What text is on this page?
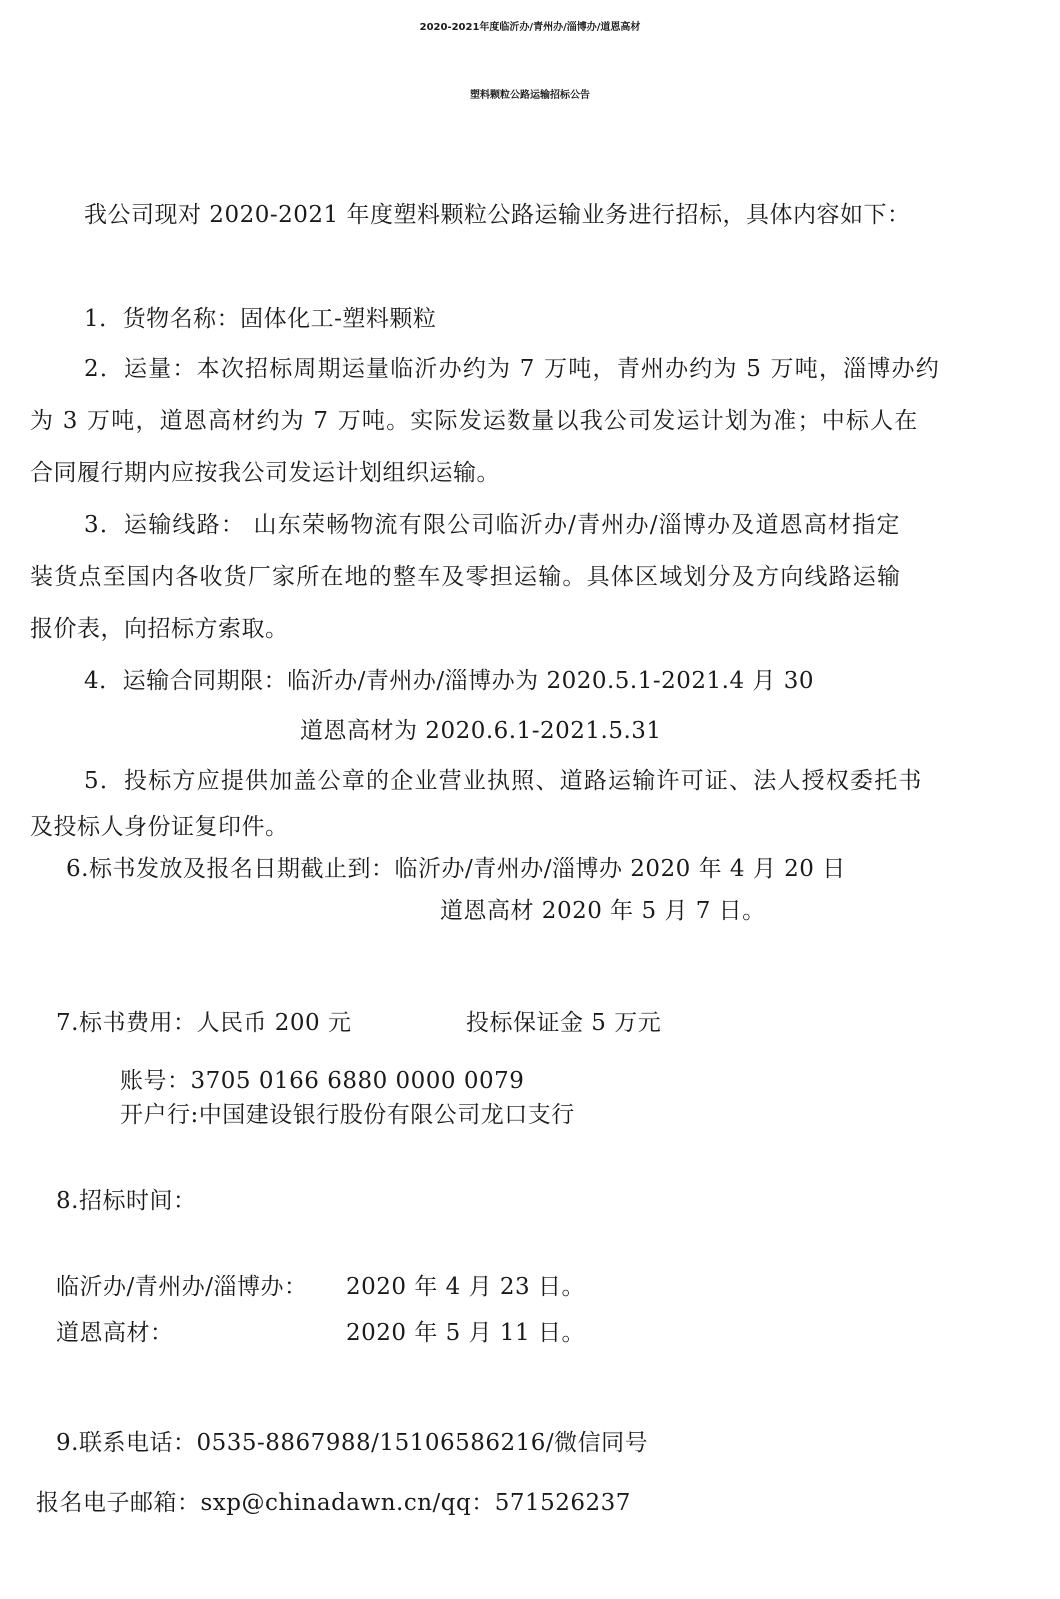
2020-2021年度临沂办/青州办/淄博办/道恩高材
塑料颗粒公路运输招标公告
我公司现对 2020-2021 年度塑料颗粒公路运输业务进行招标，具体内容如下：
1．货物名称：固体化工-塑料颗粒
2．运量：本次招标周期运量临沂办约为 7 万吨，青州办约为 5 万吨，淄博办约
为 3 万吨，道恩高材约为 7 万吨。实际发运数量以我公司发运计划为准；中标人在
合同履行期内应按我公司发运计划组织运输。
3．运输线路： 山东荣畅物流有限公司临沂办/青州办/淄博办及道恩高材指定
装货点至国内各收货厂家所在地的整车及零担运输。具体区域划分及方向线路运输
报价表，向招标方索取。
4．运输合同期限：临沂办/青州办/淄博办为 2020.5.1-2021.4 月 30
道恩高材为 2020.6.1-2021.5.31
5．投标方应提供加盖公章的企业营业执照、道路运输许可证、法人授权委托书
及投标人身份证复印件。
6.标书发放及报名日期截止到：临沂办/青州办/淄博办 2020 年 4 月 20 日
道恩高材 2020 年 5 月 7 日。
7.标书费用：人民币 200 元	投标保证金 5 万元
账号：3705 0166 6880 0000 0079
开户行:中国建设银行股份有限公司龙口支行
8.招标时间：
临沂办/青州办/淄博办： 2020 年 4 月 23 日。
道恩高材：	2020 年 5 月 11 日。
9.联系电话：0535-8867988/15106586216/微信同号
报名电子邮箱：sxp@chinadawn.cn/qq：571526237
